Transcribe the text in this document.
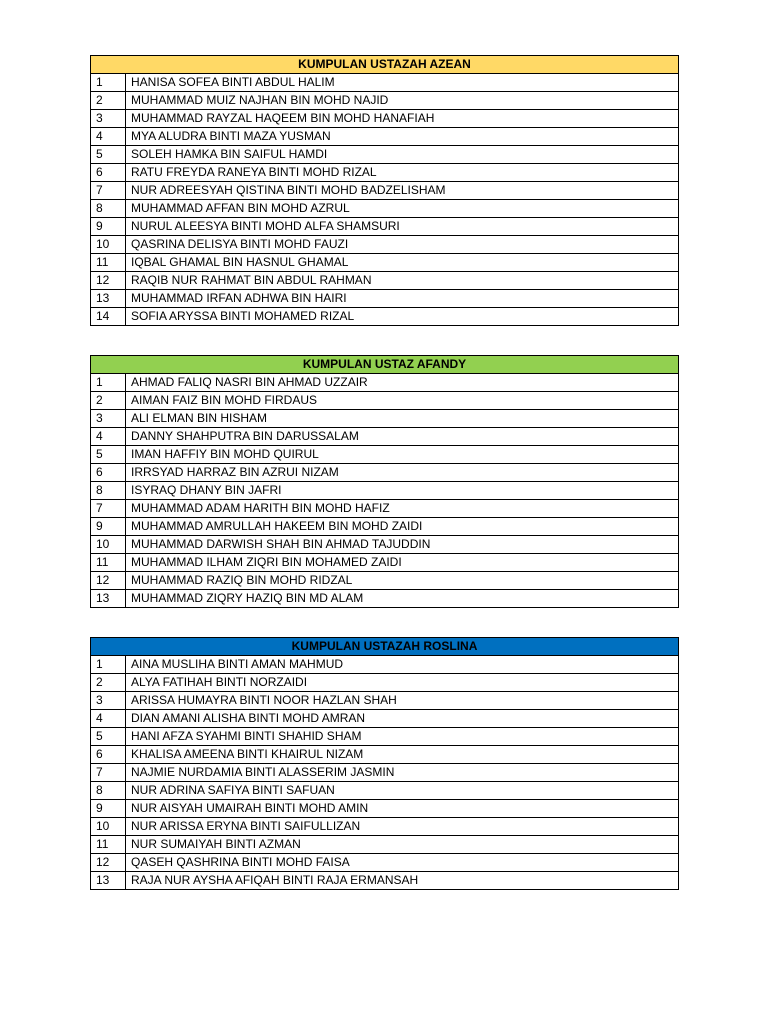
KUMPULAN USTAZAH AZEAN	
1	HANISA SOFEA BINTI ABDUL HALIM
2	MUHAMMAD MUIZ NAJHAN BIN MOHD NAJID
3	MUHAMMAD RAYZAL HAQEEM BIN MOHD HANAFIAH
4	MYA ALUDRA BINTI MAZA YUSMAN
5	SOLEH HAMKA BIN SAIFUL HAMDI
6	RATU FREYDA RANEYA BINTI MOHD RIZAL
7	NUR ADREESYAH QISTINA BINTI MOHD BADZELISHAM
8	MUHAMMAD AFFAN BIN MOHD AZRUL
9	NURUL ALEESYA BINTI MOHD ALFA SHAMSURI
10	QASRINA DELISYA BINTI MOHD FAUZI
11	IQBAL GHAMAL BIN HASNUL GHAMAL
12	RAQIB NUR RAHMAT BIN ABDUL RAHMAN
13	MUHAMMAD IRFAN ADHWA BIN HAIRI
14	SOFIA ARYSSA BINTI MOHAMED RIZAL
KUMPULAN USTAZ AFANDY	
1	AHMAD FALIQ NASRI BIN AHMAD UZZAIR
2	AIMAN FAIZ BIN MOHD FIRDAUS
3	ALI ELMAN BIN HISHAM
4	DANNY SHAHPUTRA BIN DARUSSALAM
5	IMAN HAFFIY BIN MOHD QUIRUL
6	IRRSYAD HARRAZ BIN AZRUI NIZAM
8	ISYRAQ DHANY BIN JAFRI
7	MUHAMMAD ADAM HARITH BIN MOHD HAFIZ
9	MUHAMMAD AMRULLAH HAKEEM BIN MOHD ZAIDI
10	MUHAMMAD DARWISH SHAH BIN AHMAD TAJUDDIN
11	MUHAMMAD ILHAM ZIQRI BIN MOHAMED ZAIDI
12	MUHAMMAD RAZIQ BIN MOHD RIDZAL
13	MUHAMMAD ZIQRY HAZIQ BIN MD ALAM
KUMPULAN USTAZAH ROSLINA	
1	AINA MUSLIHA BINTI AMAN MAHMUD
2	ALYA FATIHAH BINTI NORZAIDI
3	ARISSA HUMAYRA BINTI NOOR HAZLAN SHAH
4	DIAN AMANI ALISHA BINTI MOHD AMRAN
5	HANI AFZA SYAHMI BINTI SHAHID SHAM
6	KHALISA AMEENA BINTI KHAIRUL NIZAM
7	NAJMIE NURDAMIA BINTI ALASSERIM JASMIN
8	NUR ADRINA SAFIYA BINTI SAFUAN
9	NUR AISYAH UMAIRAH BINTI MOHD AMIN
10	NUR ARISSA ERYNA BINTI SAIFULLIZAN
11	NUR SUMAIYAH BINTI AZMAN
12	QASEH QASHRINA BINTI MOHD FAISA
13	RAJA NUR AYSHA AFIQAH BINTI RAJA ERMANSAH
